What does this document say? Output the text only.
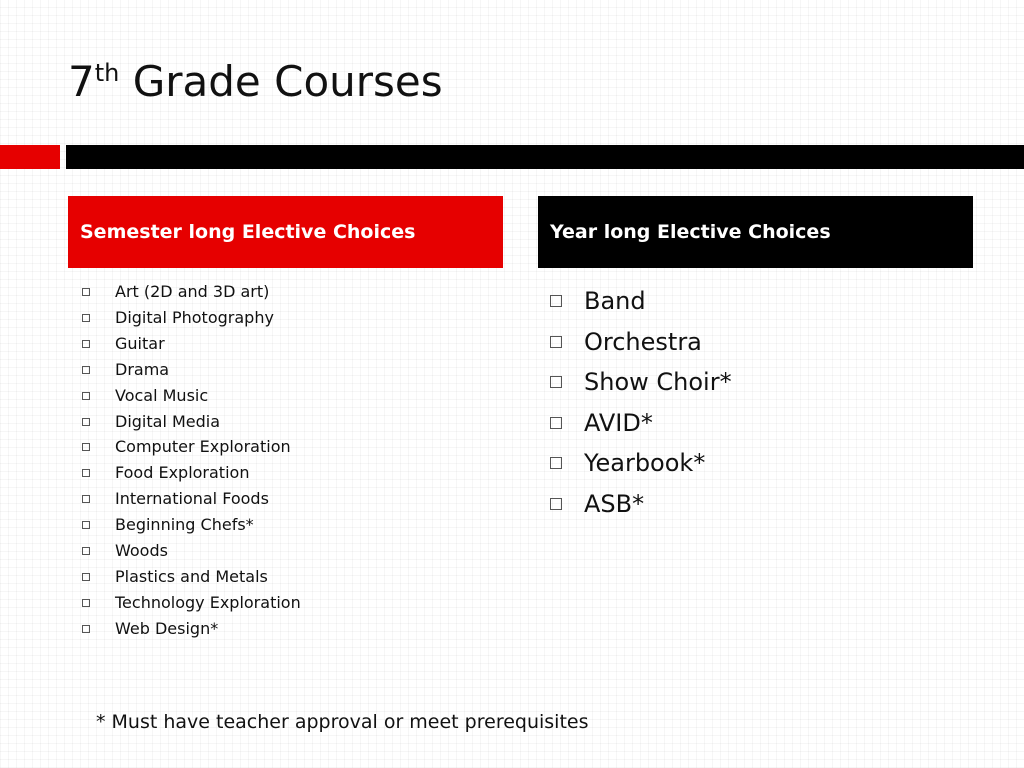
7th Grade Courses
Semester long Elective Choices	Year long Elective Choices
Art (2D and 3D art)
Digital Photography
Guitar
Drama
Vocal Music
Digital Media
Computer Exploration
Food Exploration
International Foods
Beginning Chefs*
Woods
Plastics and Metals
Technology Exploration
Web Design*
Band
Orchestra
Show Choir*
AVID*
Yearbook*
ASB*
* Must have teacher approval or meet prerequisites
